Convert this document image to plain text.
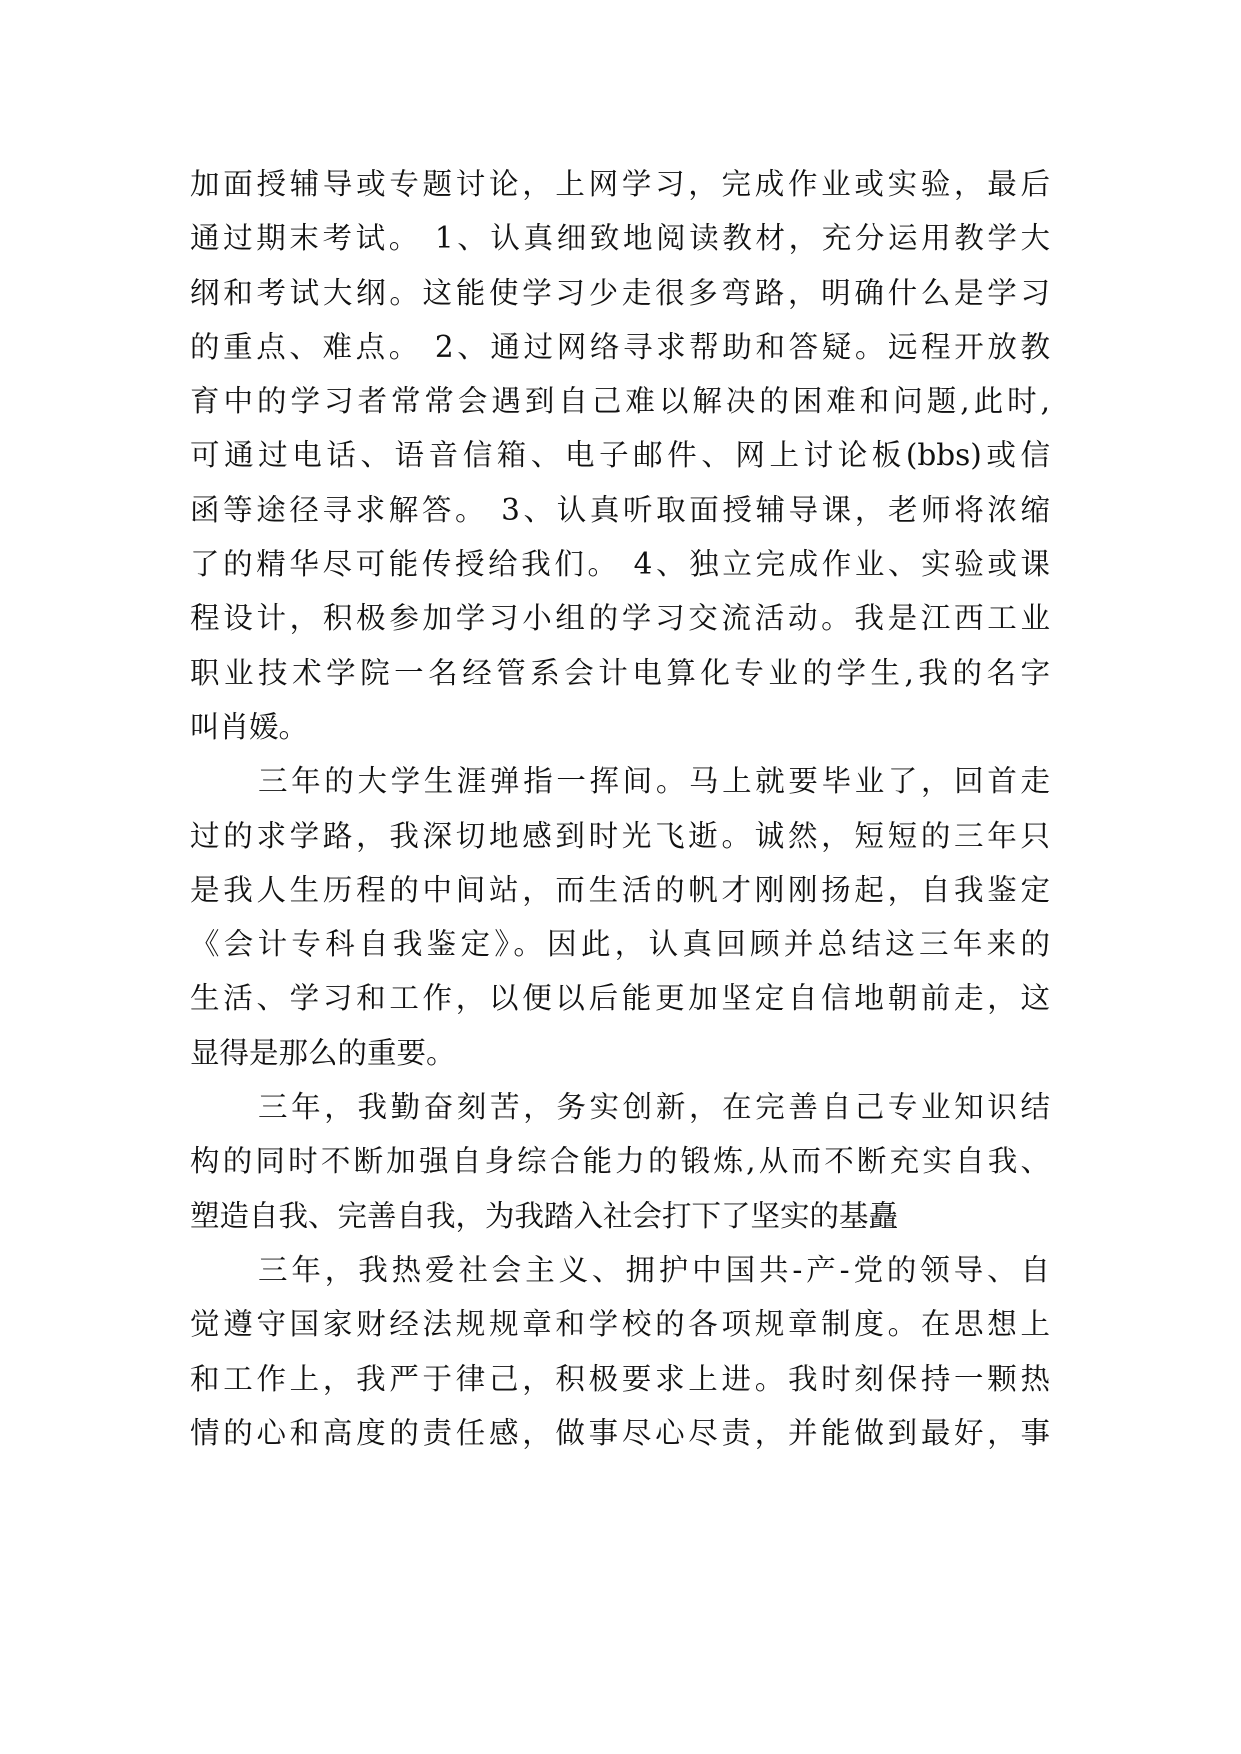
加面授辅导或专题讨论，上网学习，完成作业或实验，最后
通过期末考试。 1、认真细致地阅读教材，充分运用教学大
纲和考试大纲。这能使学习少走很多弯路，明确什么是学习
的重点、难点。 2、通过网络寻求帮助和答疑。远程开放教
育中的学习者常常会遇到自己难以解决的困难和问题,此时,
可通过电话、语音信箱、电子邮件、网上讨论板(bbs)或信
函等途径寻求解答。 3、认真听取面授辅导课，老师将浓缩
了的精华尽可能传授给我们。 4、独立完成作业、实验或课
程设计，积极参加学习小组的学习交流活动。我是江西工业
职业技术学院一名经管系会计电算化专业的学生,我的名字
叫肖媛。
三年的大学生涯弹指一挥间。马上就要毕业了，回首走
过的求学路，我深切地感到时光飞逝。诚然，短短的三年只
是我人生历程的中间站，而生活的帆才刚刚扬起，自我鉴定
《会计专科自我鉴定》。因此，认真回顾并总结这三年来的
生活、学习和工作，以便以后能更加坚定自信地朝前走，这
显得是那么的重要。
三年，我勤奋刻苦，务实创新，在完善自己专业知识结
构的同时不断加强自身综合能力的锻炼,从而不断充实自我、
塑造自我、完善自我，为我踏入社会打下了坚实的基矗
三年，我热爱社会主义、拥护中国共-产-党的领导、自
觉遵守国家财经法规规章和学校的各项规章制度。在思想上
和工作上，我严于律己，积极要求上进。我时刻保持一颗热
情的心和高度的责任感，做事尽心尽责，并能做到最好，事
